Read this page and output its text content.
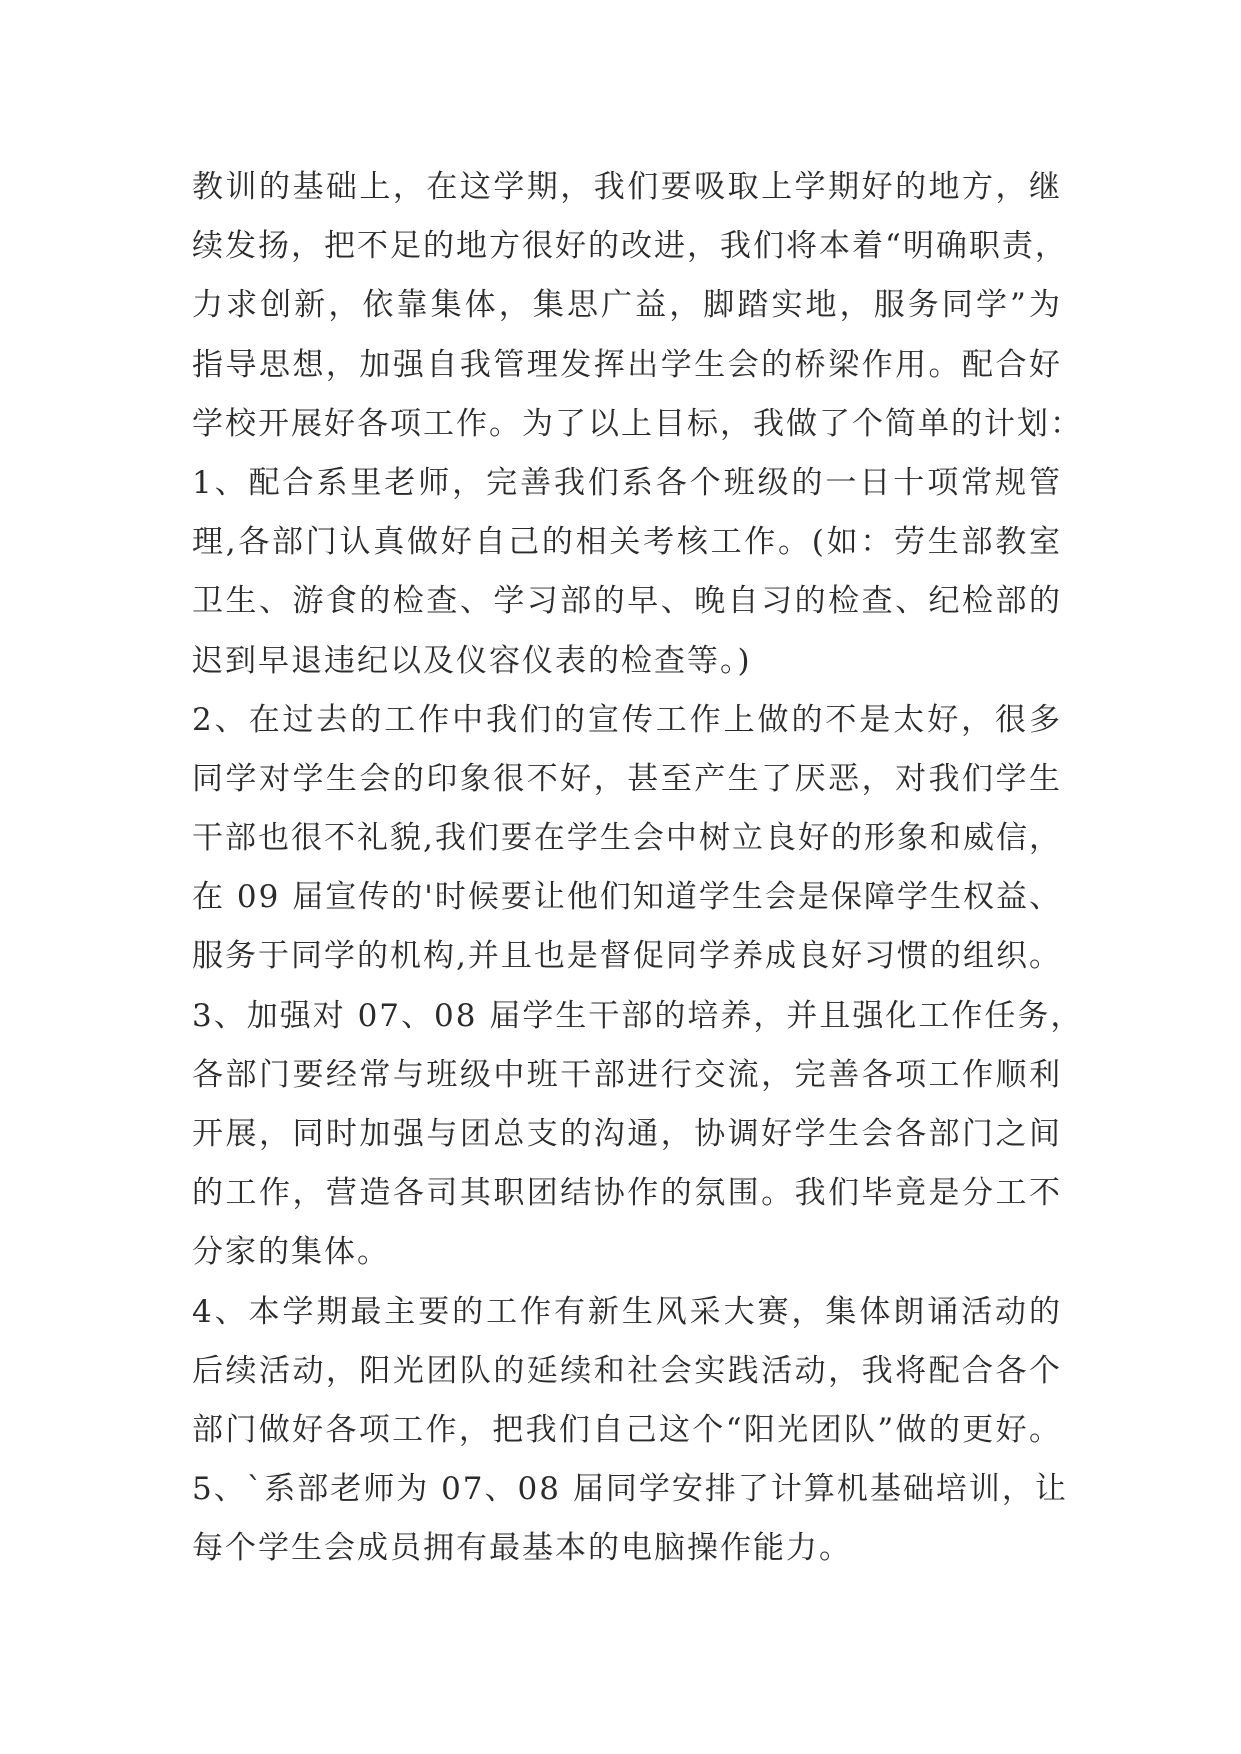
教训的基础上，在这学期，我们要吸取上学期好的地方，继
续发扬，把不足的地方很好的改进，我们将本着“明确职责，
力求创新，依靠集体，集思广益，脚踏实地，服务同学”为
指导思想，加强自我管理发挥出学生会的桥梁作用。配合好
学校开展好各项工作。为了以上目标，我做了个简单的计划：
1、配合系里老师，完善我们系各个班级的一日十项常规管
理,各部门认真做好自己的相关考核工作。(如：劳生部教室
卫生、游食的检查、学习部的早、晚自习的检查、纪检部的
迟到早退违纪以及仪容仪表的检查等。)
2、在过去的工作中我们的宣传工作上做的不是太好，很多
同学对学生会的印象很不好，甚至产生了厌恶，对我们学生
干部也很不礼貌,我们要在学生会中树立良好的形象和威信，
在 09 届宣传的'时候要让他们知道学生会是保障学生权益、
服务于同学的机构,并且也是督促同学养成良好习惯的组织。
3、加强对 07、08 届学生干部的培养，并且强化工作任务，
各部门要经常与班级中班干部进行交流，完善各项工作顺利
开展，同时加强与团总支的沟通，协调好学生会各部门之间
的工作，营造各司其职团结协作的氛围。我们毕竟是分工不
分家的集体。
4、本学期最主要的工作有新生风采大赛，集体朗诵活动的
后续活动，阳光团队的延续和社会实践活动，我将配合各个
部门做好各项工作，把我们自己这个“阳光团队”做的更好。
5、`系部老师为 07、08 届同学安排了计算机基础培训，让
每个学生会成员拥有最基本的电脑操作能力。
